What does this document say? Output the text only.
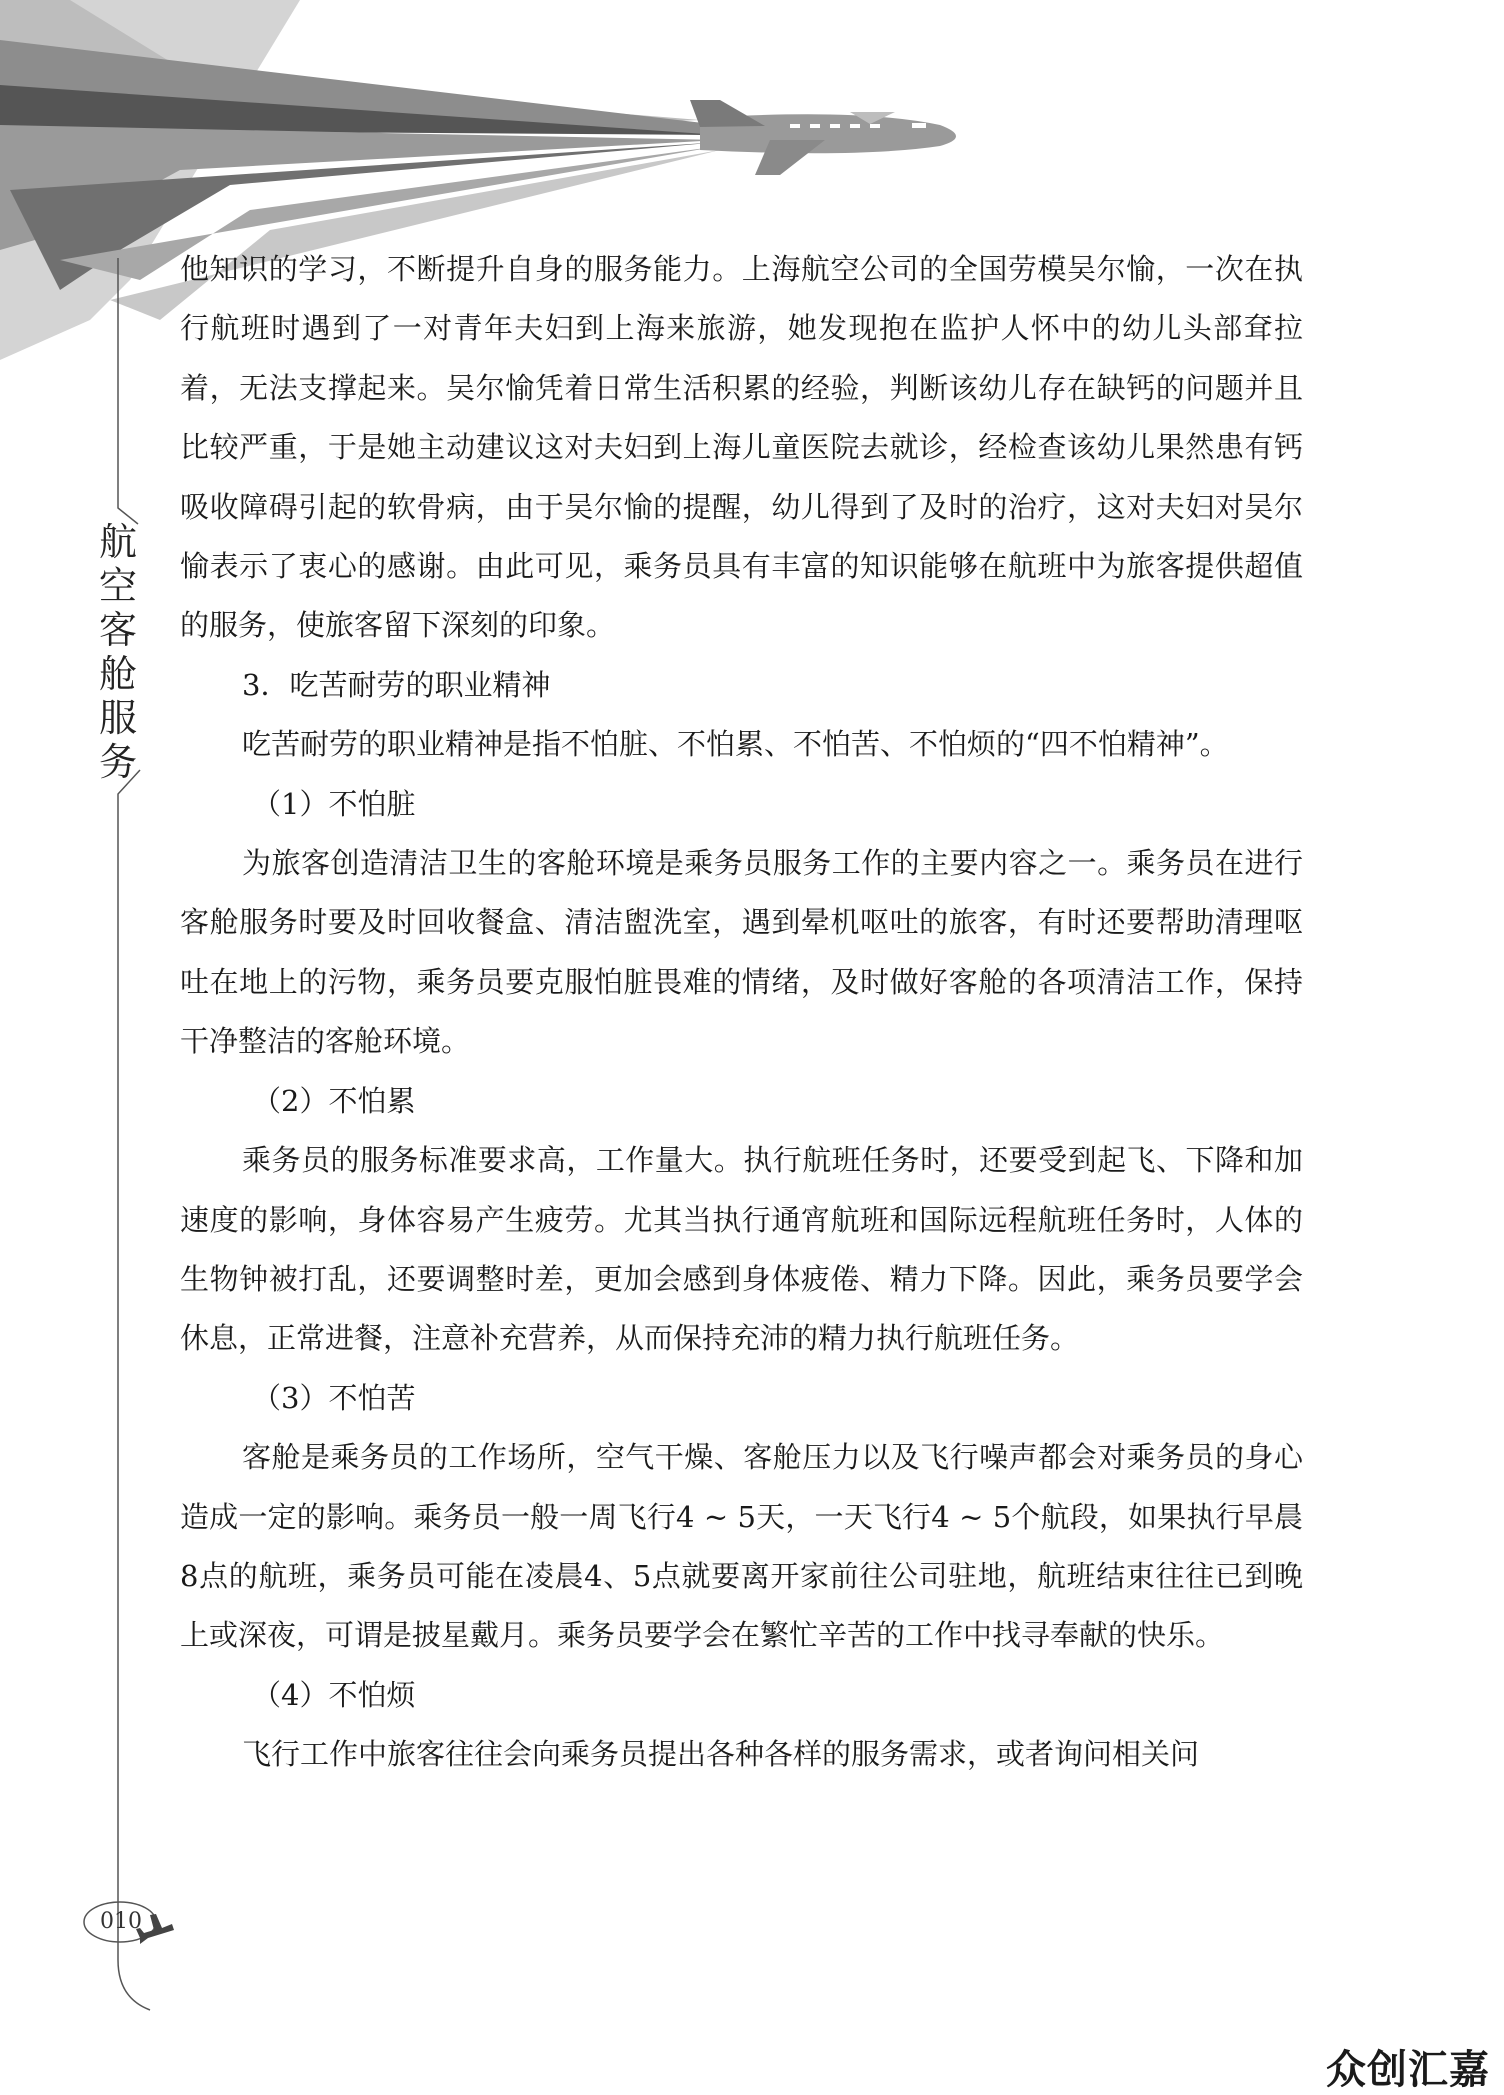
航
空
客
舱
服
务

他知识的学习，不断提升自身的服务能力。上海航空公司的全国劳模吴尔愉，一次在执行航班时遇到了一对青年夫妇到上海来旅游，她发现抱在监护人怀中的幼儿头部耷拉着，无法支撑起来。吴尔愉凭着日常生活积累的经验，判断该幼儿存在缺钙的问题并且比较严重，于是她主动建议这对夫妇到上海儿童医院去就诊，经检查该幼儿果然患有钙吸收障碍引起的软骨病，由于吴尔愉的提醒，幼儿得到了及时的治疗，这对夫妇对吴尔愉表示了衷心的感谢。由此可见，乘务员具有丰富的知识能够在航班中为旅客提供超值的服务，使旅客留下深刻的印象。

3．吃苦耐劳的职业精神

吃苦耐劳的职业精神是指不怕脏、不怕累、不怕苦、不怕烦的“四不怕精神”。

（1）不怕脏

为旅客创造清洁卫生的客舱环境是乘务员服务工作的主要内容之一。乘务员在进行客舱服务时要及时回收餐盒、清洁盥洗室，遇到晕机呕吐的旅客，有时还要帮助清理呕吐在地上的污物，乘务员要克服怕脏畏难的情绪，及时做好客舱的各项清洁工作，保持干净整洁的客舱环境。

（2）不怕累

乘务员的服务标准要求高，工作量大。执行航班任务时，还要受到起飞、下降和加速度的影响，身体容易产生疲劳。尤其当执行通宵航班和国际远程航班任务时，人体的生物钟被打乱，还要调整时差，更加会感到身体疲倦、精力下降。因此，乘务员要学会休息，正常进餐，注意补充营养，从而保持充沛的精力执行航班任务。

（3）不怕苦

客舱是乘务员的工作场所，空气干燥、客舱压力以及飞行噪声都会对乘务员的身心造成一定的影响。乘务员一般一周飞行4 ~ 5天，一天飞行4 ~ 5个航段，如果执行早晨8点的航班，乘务员可能在凌晨4、5点就要离开家前往公司驻地，航班结束往往已到晚上或深夜，可谓是披星戴月。乘务员要学会在繁忙辛苦的工作中找寻奉献的快乐。

（4）不怕烦

飞行工作中旅客往往会向乘务员提出各种各样的服务需求，或者询问相关问

010
众创汇嘉
